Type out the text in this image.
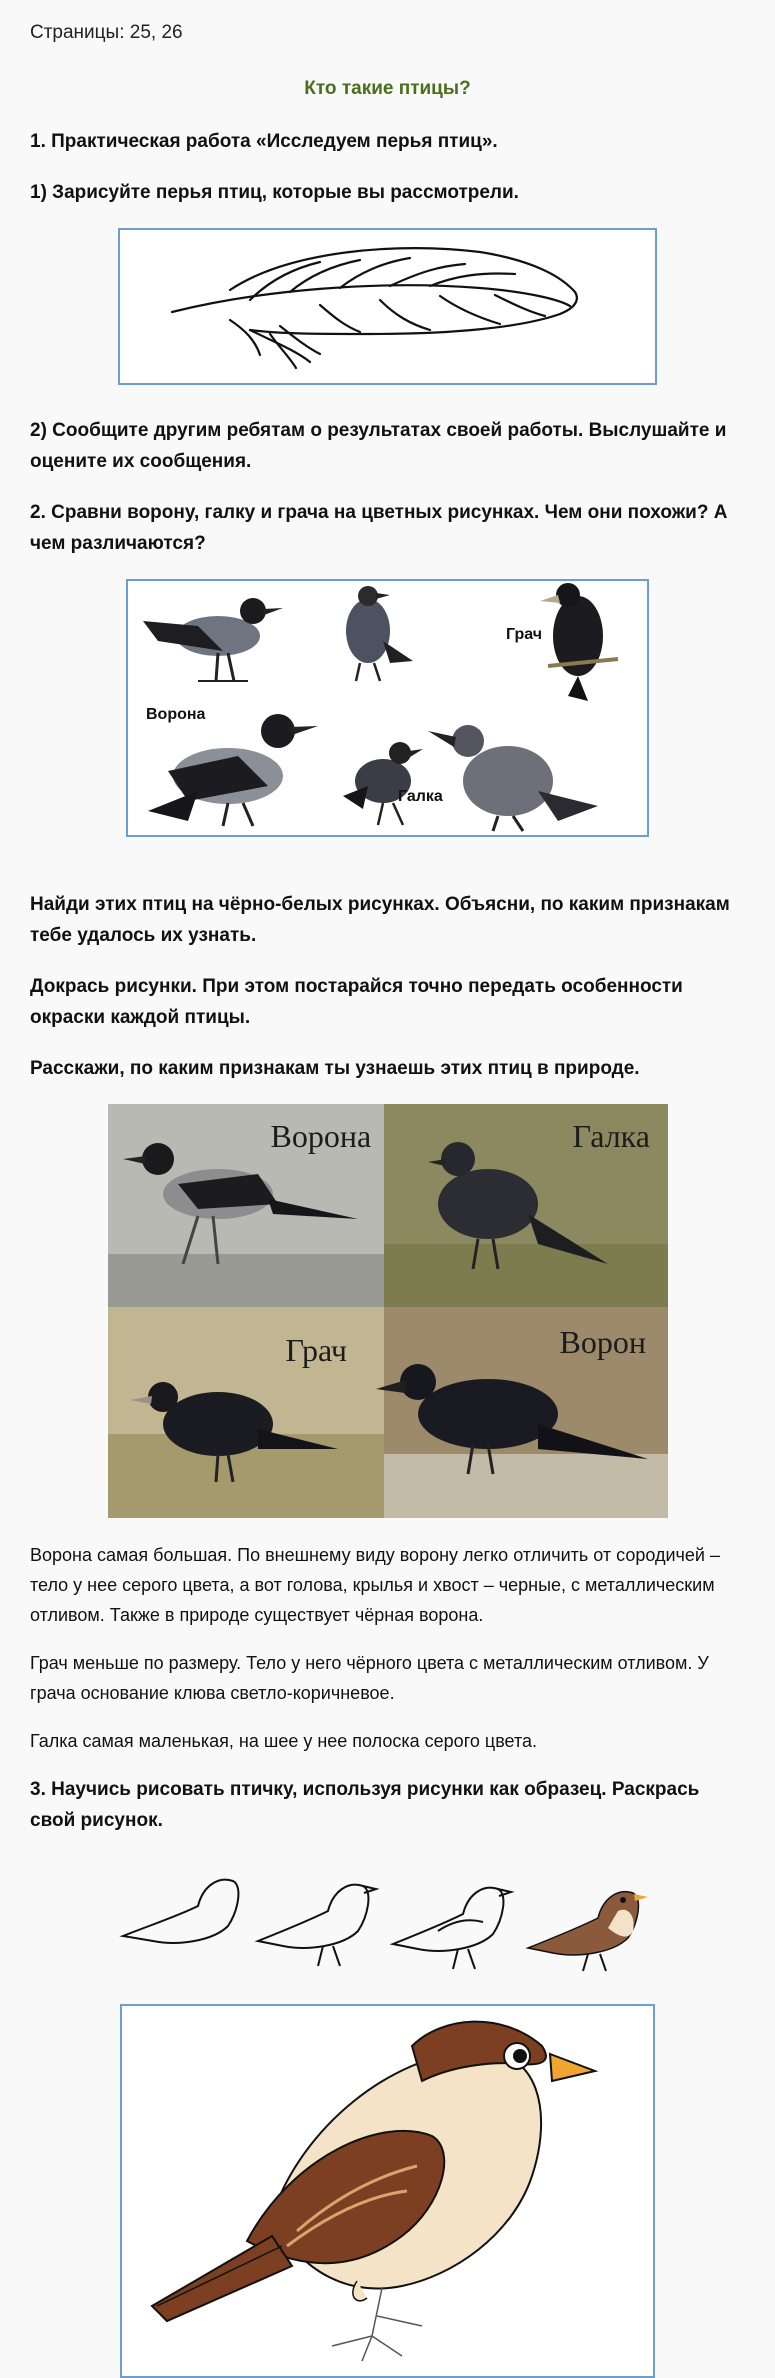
Страницы: 25, 26

Кто такие птицы?

1. Практическая работа «Исследуем перья птиц».

1) Зарисуйте перья птиц, которые вы рассмотрели.

2) Сообщите другим ребятам о результатах своей работы. Выслушайте и оцените их сообщения.

2. Сравни ворону, галку и грача на цветных рисунках. Чем они похожи? А чем различаются?

Ворона
Галка
Грач

Найди этих птиц на чёрно-белых рисунках. Объясни, по каким признакам тебе удалось их узнать.

Докрась рисунки. При этом постарайся точно передать особенности окраски каждой птицы.

Расскажи, по каким признакам ты узнаешь этих птиц в природе.

Ворона	Галка
Грач	Ворон

Ворона самая большая. По внешнему виду ворону легко отличить от сородичей – тело у нее серого цвета, а вот голова, крылья и хвост – черные, с металлическим отливом. Также в природе существует чёрная ворона.

Грач меньше по размеру. Тело у него чёрного цвета с металлическим отливом. У грача основание клюва светло-коричневое.

Галка самая маленькая, на шее у нее полоска серого цвета.

3. Научись рисовать птичку, используя рисунки как образец. Раскрась свой рисунок.
